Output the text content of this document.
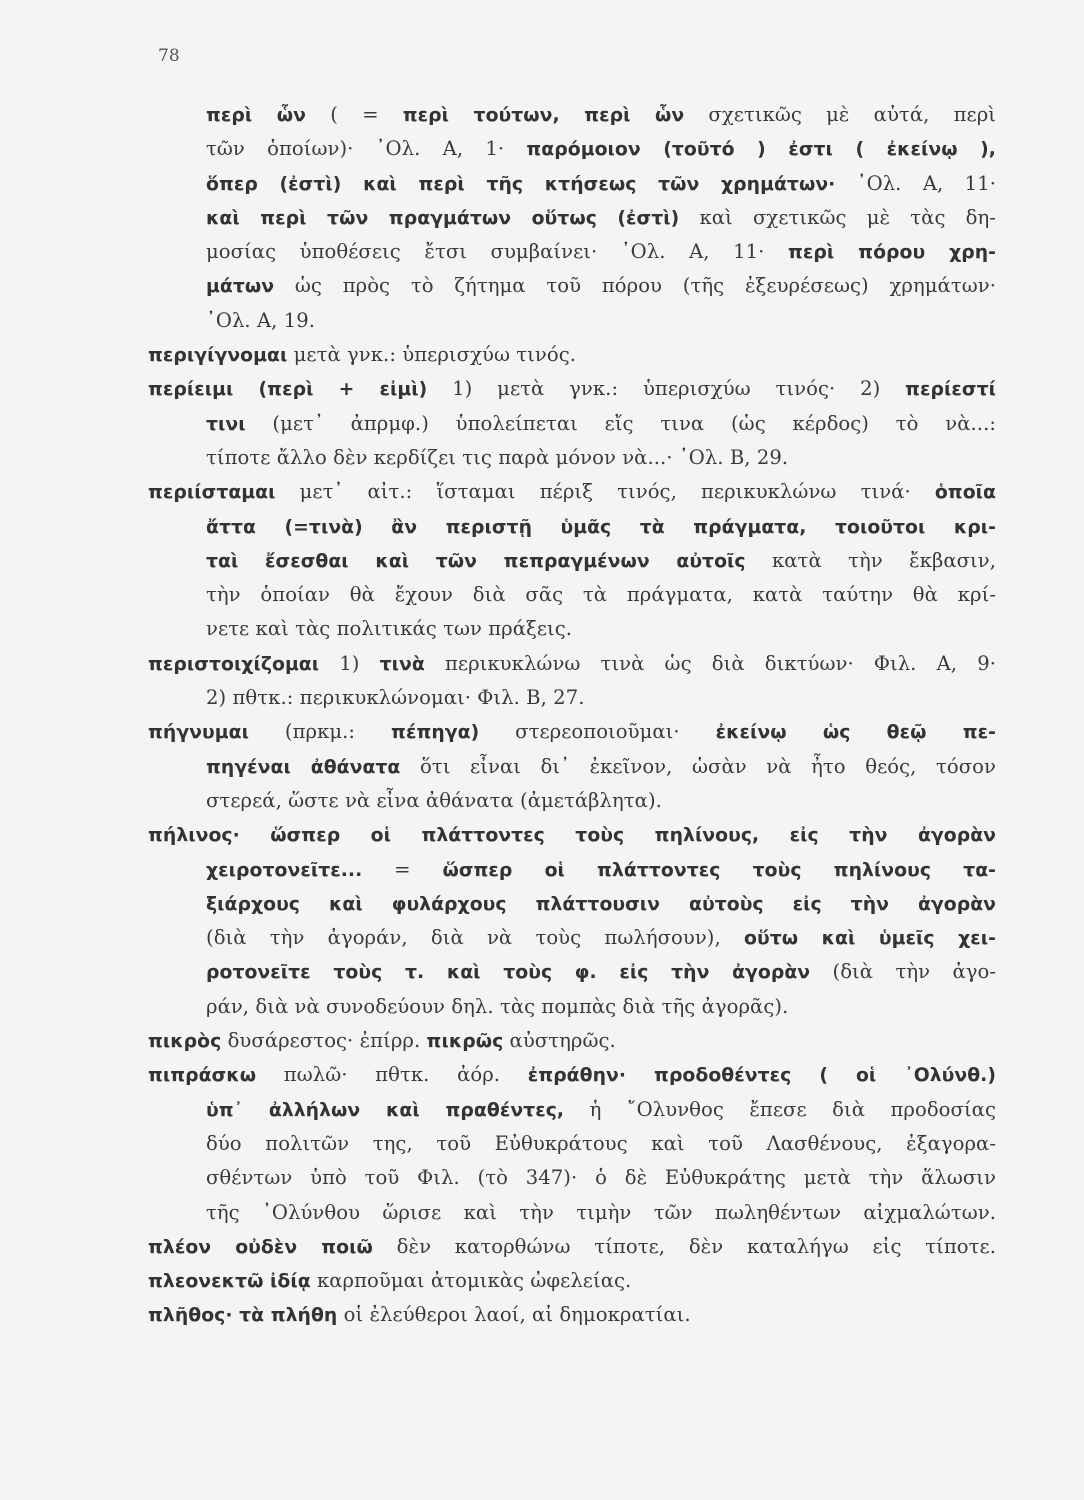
78
περὶ ὧν ( = περὶ τούτων, περὶ ὧν σχετικῶς μὲ αὐτά, περὶ
τῶν ὁποίων)· ᾿Ολ. Α, 1· παρόμοιον (τοῦτό ) ἐστι ( ἐκείνῳ ),
ὅπερ (ἐστὶ) καὶ περὶ τῆς κτήσεως τῶν χρημάτων· ᾿Ολ. Α, 11·
καὶ περὶ τῶν πραγμάτων οὕτως (ἐστὶ) καὶ σχετικῶς μὲ τὰς δη-
μοσίας ὑποθέσεις ἔτσι συμβαίνει· ᾿Ολ. Α, 11· περὶ πόρου χρη-
μάτων ὡς πρὸς τὸ ζήτημα τοῦ πόρου (τῆς ἐξευρέσεως) χρημάτων·
᾿Ολ. Α, 19.
περιγίγνομαι μετὰ γνκ.: ὑπερισχύω τινός.
περίειμι (περὶ + εἰμὶ) 1) μετὰ γνκ.: ὑπερισχύω τινός· 2) περίεστί
τινι (μετ᾿ ἀπρμφ.) ὑπολείπεται εἴς τινα (ὡς κέρδος) τὸ νὰ...:
τίποτε ἄλλο δὲν κερδίζει τις παρὰ μόνον νὰ...· ᾿Ολ. Β, 29.
περιίσταμαι μετ᾿ αἰτ.: ἵσταμαι πέριξ τινός, περικυκλώνω τινά· ὁποῖα
ἄττα (=τινὰ) ἂν περιστῇ ὑμᾶς τὰ πράγματα, τοιοῦτοι κρι-
ταὶ ἔσεσθαι καὶ τῶν πεπραγμένων αὐτοῖς κατὰ τὴν ἔκβασιν,
τὴν ὁποίαν θὰ ἔχουν διὰ σᾶς τὰ πράγματα, κατὰ ταύτην θὰ κρί-
νετε καὶ τὰς πολιτικάς των πράξεις.
περιστοιχίζομαι 1) τινὰ περικυκλώνω τινὰ ὡς διὰ δικτύων· Φιλ. Α, 9·
2) πθτκ.: περικυκλώνομαι· Φιλ. Β, 27.
πήγνυμαι (πρκμ.: πέπηγα) στερεοποιοῦμαι· ἐκείνῳ ὡς θεῷ πε-
πηγέναι ἀθάνατα ὅτι εἶναι δι᾿ ἐκεῖνον, ὡσὰν νὰ ἦτο θεός, τόσον
στερεά, ὥστε νὰ εἶνα ἀθάνατα (ἀμετάβλητα).
πήλινος· ὥσπερ οἱ πλάττοντες τοὺς πηλίνους, εἰς τὴν ἀγορὰν
χειροτονεῖτε... = ὥσπερ οἱ πλάττοντες τοὺς πηλίνους τα-
ξιάρχους καὶ φυλάρχους πλάττουσιν αὐτοὺς εἰς τὴν ἀγορὰν
(διὰ τὴν ἀγοράν, διὰ νὰ τοὺς πωλήσουν), οὕτω καὶ ὑμεῖς χει-
ροτονεῖτε τοὺς τ. καὶ τοὺς φ. εἰς τὴν ἀγορὰν (διὰ τὴν ἀγο-
ράν, διὰ νὰ συνοδεύουν δηλ. τὰς πομπὰς διὰ τῆς ἀγορᾶς).
πικρὸς δυσάρεστος· ἐπίρρ. πικρῶς αὐστηρῶς.
πιπράσκω πωλῶ· πθτκ. ἀόρ. ἐπράθην· προδοθέντες ( οἱ ᾿Ολύνθ.)
ὑπ᾿ ἀλλήλων καὶ πραθέντες, ἡ ῎Ολυνθος ἔπεσε διὰ προδοσίας
δύο πολιτῶν της, τοῦ Εὐθυκράτους καὶ τοῦ Λασθένους, ἐξαγορα-
σθέντων ὑπὸ τοῦ Φιλ. (τὸ 347)· ὁ δὲ Εὐθυκράτης μετὰ τὴν ἅλωσιν
τῆς ᾿Ολύνθου ὥρισε καὶ τὴν τιμὴν τῶν πωληθέντων αἰχμαλώτων.
πλέον οὐδὲν ποιῶ δὲν κατορθώνω τίποτε, δὲν καταλήγω εἰς τίποτε.
πλεονεκτῶ ἰδίᾳ καρποῦμαι ἀτομικὰς ὠφελείας.
πλῆθος· τὰ πλήθη οἱ ἐλεύθεροι λαοί, αἱ δημοκρατίαι.
